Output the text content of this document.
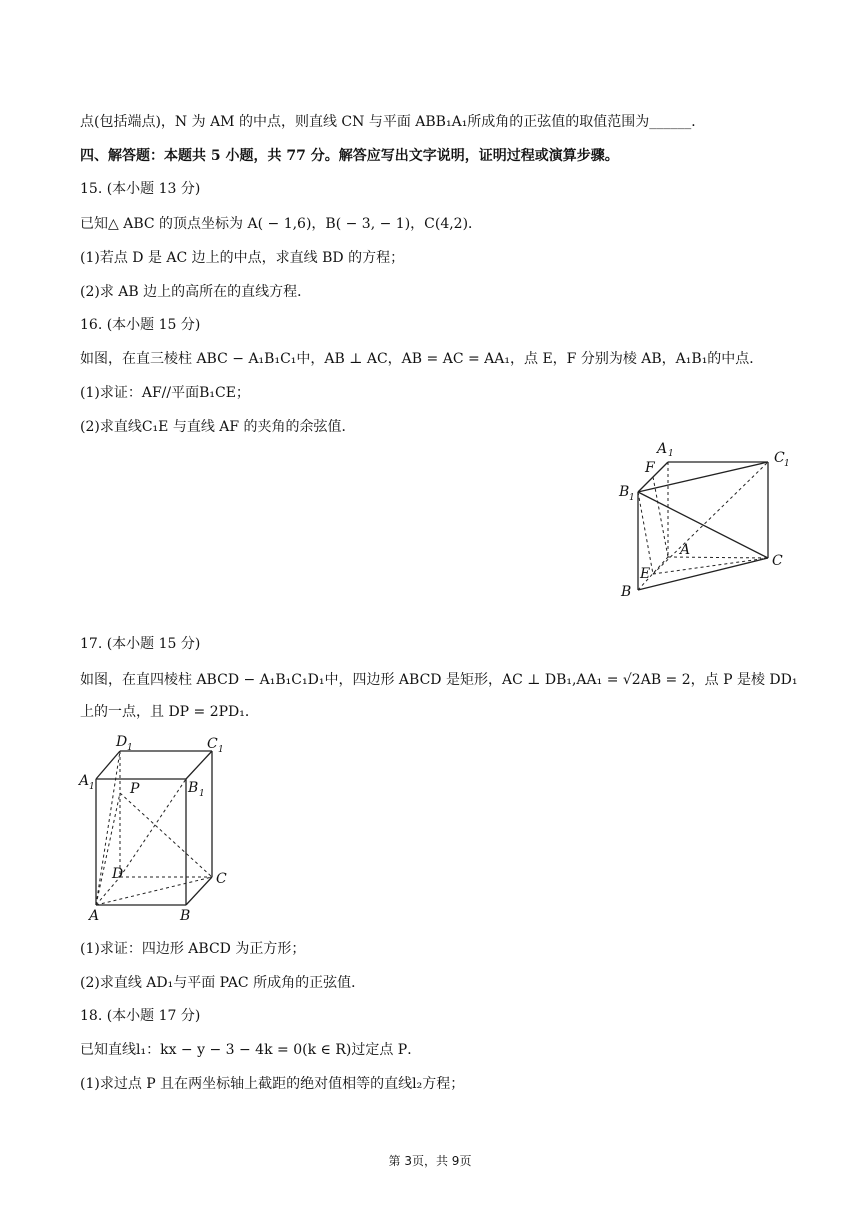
点(包括端点)，N 为 AM 的中点，则直线 CN 与平面 ABB₁A₁所成角的正弦值的取值范围为______．
四、解答题：本题共 5 小题，共 77 分。解答应写出文字说明，证明过程或演算步骤。
15. (本小题 13 分)
已知△ ABC 的顶点坐标为 A( − 1,6)，B( − 3, − 1)，C(4,2)．
(1)若点 D 是 AC 边上的中点，求直线 BD 的方程；
(2)求 AB 边上的高所在的直线方程．
16. (本小题 15 分)
如图，在直三棱柱 ABC − A₁B₁C₁中，AB ⊥ AC，AB = AC = AA₁，点 E，F 分别为棱 AB，A₁B₁的中点．
(1)求证：AF//平面B₁CE；
(2)求直线C₁E 与直线 AF 的夹角的余弦值．
A 1	C 1
F
B 1
A
E
C
B
17. (本小题 15 分)
如图，在直四棱柱 ABCD − A₁B₁C₁D₁中，四边形 ABCD 是矩形，AC ⊥ DB₁,AA₁ = √2AB = 2，点 P 是棱 DD₁
上的一点，且 DP = 2PD₁．
D 1	C 1
A 1	P	B 1
D	C
A	B
(1)求证：四边形 ABCD 为正方形；
(2)求直线 AD₁与平面 PAC 所成角的正弦值．
18. (本小题 17 分)
已知直线l₁：kx − y − 3 − 4k = 0(k ∈ R)过定点 P．
(1)求过点 P 且在两坐标轴上截距的绝对值相等的直线l₂方程；
第 3页，共 9页
